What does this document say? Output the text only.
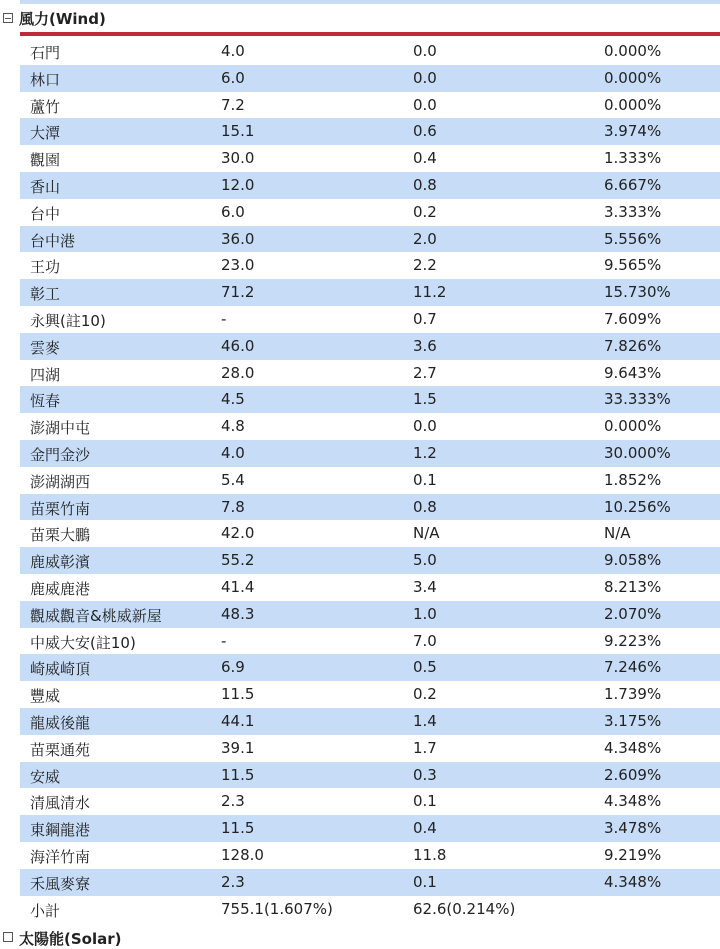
風力(Wind)
石門	4.0	0.0	0.000%
林口	6.0	0.0	0.000%
蘆竹	7.2	0.0	0.000%
大潭	15.1	0.6	3.974%
觀園	30.0	0.4	1.333%
香山	12.0	0.8	6.667%
台中	6.0	0.2	3.333%
台中港	36.0	2.0	5.556%
王功	23.0	2.2	9.565%
彰工	71.2	11.2	15.730%
永興(註10)	-	0.7	7.609%
雲麥	46.0	3.6	7.826%
四湖	28.0	2.7	9.643%
恆春	4.5	1.5	33.333%
澎湖中屯	4.8	0.0	0.000%
金門金沙	4.0	1.2	30.000%
澎湖湖西	5.4	0.1	1.852%
苗栗竹南	7.8	0.8	10.256%
苗栗大鵬	42.0	N/A	N/A
鹿威彰濱	55.2	5.0	9.058%
鹿威鹿港	41.4	3.4	8.213%
觀威觀音&桃威新屋	48.3	1.0	2.070%
中威大安(註10)	-	7.0	9.223%
崎威崎頂	6.9	0.5	7.246%
豐威	11.5	0.2	1.739%
龍威後龍	44.1	1.4	3.175%
苗栗通苑	39.1	1.7	4.348%
安威	11.5	0.3	2.609%
清風清水	2.3	0.1	4.348%
東鋼龍港	11.5	0.4	3.478%
海洋竹南	128.0	11.8	9.219%
禾風麥寮	2.3	0.1	4.348%
小計	755.1(1.607%)	62.6(0.214%)
太陽能(Solar)
